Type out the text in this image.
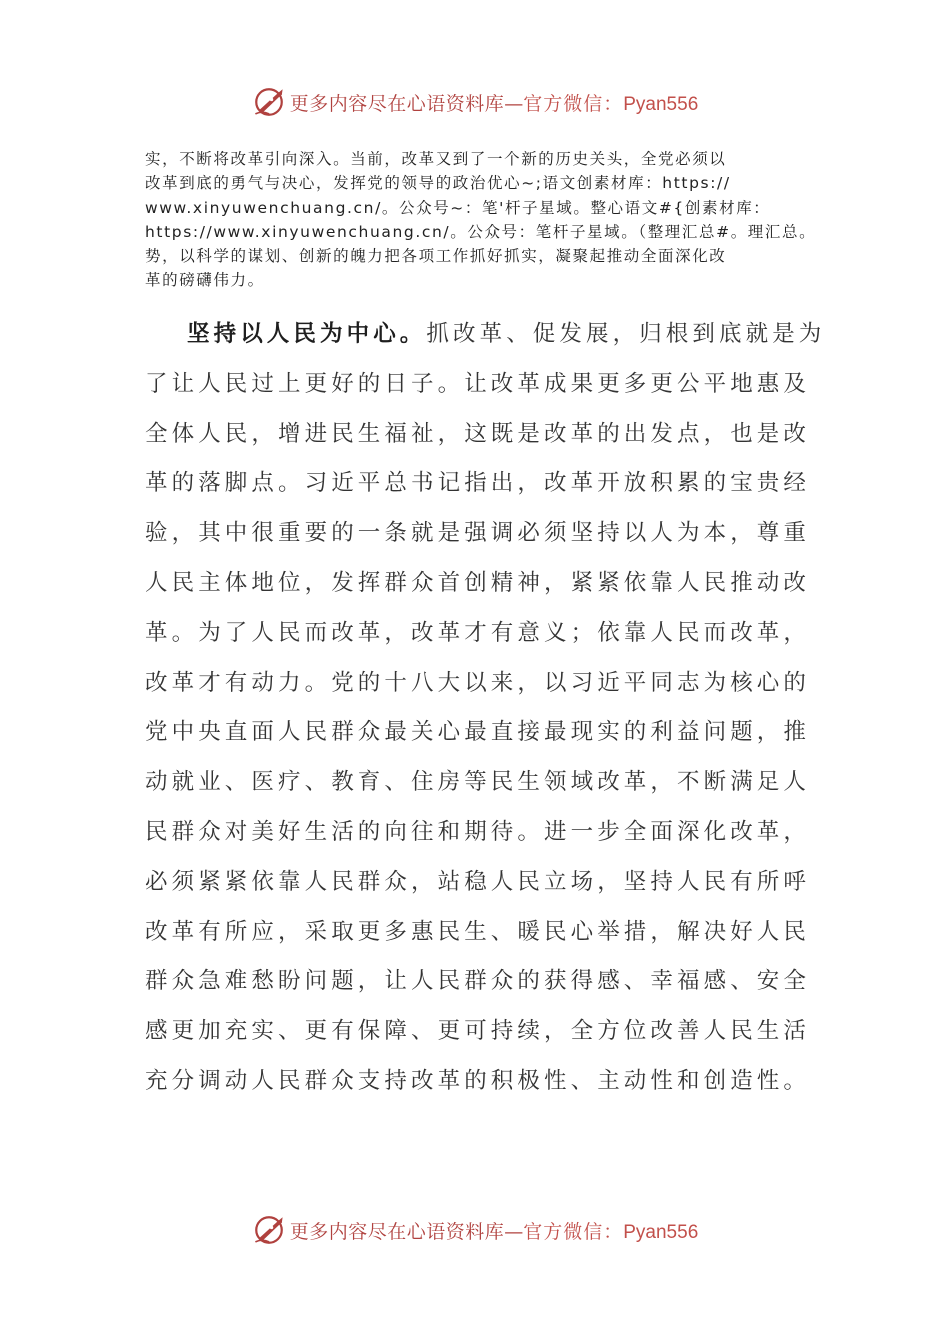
更多内容尽在心语资料库—官方微信：Pyan556

实，不断将改革引向深入。当前，改革又到了一个新的历史关头，全党必须以
改革到底的勇气与决心，发挥党的领导的政治优心~;语文创素材库：https://
www.xinyuwenchuang.cn/。公众号~：笔'杆子星域。整心语文#{创素材库：
https://www.xinyuwenchuang.cn/。公众号：笔杆子星域。（整理汇总#。理汇总。
势，以科学的谋划、创新的魄力把各项工作抓好抓实，凝聚起推动全面深化改
革的磅礴伟力。

坚持以人民为中心。抓改革、促发展，归根到底就是为
了让人民过上更好的日子。让改革成果更多更公平地惠及
全体人民，增进民生福祉，这既是改革的出发点，也是改
革的落脚点。习近平总书记指出，改革开放积累的宝贵经
验，其中很重要的一条就是强调必须坚持以人为本，尊重
人民主体地位，发挥群众首创精神，紧紧依靠人民推动改
革。为了人民而改革，改革才有意义；依靠人民而改革，
改革才有动力。党的十八大以来，以习近平同志为核心的
党中央直面人民群众最关心最直接最现实的利益问题，推
动就业、医疗、教育、住房等民生领域改革，不断满足人
民群众对美好生活的向往和期待。进一步全面深化改革，
必须紧紧依靠人民群众，站稳人民立场，坚持人民有所呼
改革有所应，采取更多惠民生、暖民心举措，解决好人民
群众急难愁盼问题，让人民群众的获得感、幸福感、安全
感更加充实、更有保障、更可持续，全方位改善人民生活
充分调动人民群众支持改革的积极性、主动性和创造性。
更多内容尽在心语资料库—官方微信：Pyan556
